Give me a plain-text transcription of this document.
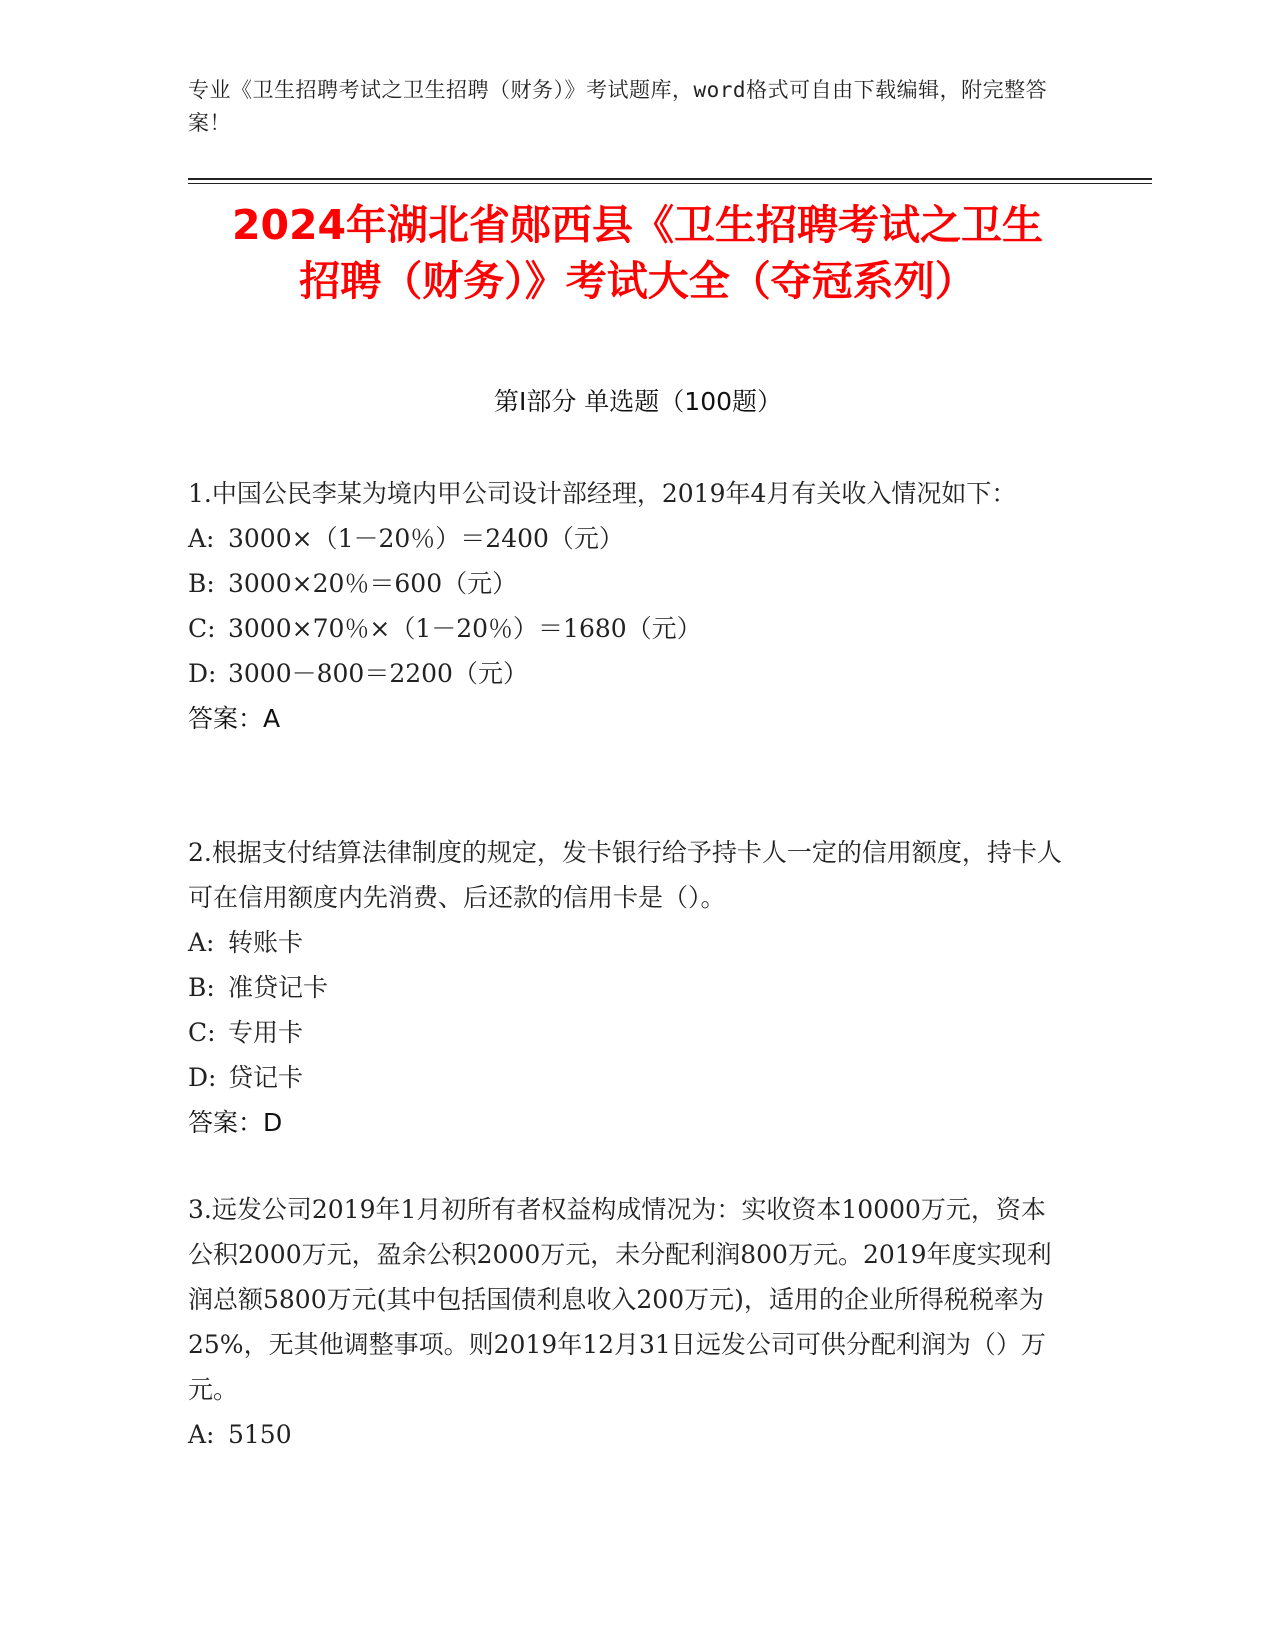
专业《卫生招聘考试之卫生招聘（财务）》考试题库，word格式可自由下载编辑，附完整答案！
2024年湖北省郧西县《卫生招聘考试之卫生
招聘（财务）》考试大全（夺冠系列）
第Ⅰ部分 单选题（100题）

1.中国公民李某为境内甲公司设计部经理，2019年4月有关收入情况如下：

A: 3000×（1－20％）＝2400（元）

B: 3000×20％＝600（元）

C: 3000×70％×（1－20％）＝1680（元）

D: 3000－800＝2200（元）

答案：A

2.根据支付结算法律制度的规定，发卡银行给予持卡人一定的信用额度，持卡人可在信用额度内先消费、后还款的信用卡是（）。

A: 转账卡

B: 准贷记卡

C: 专用卡

D: 贷记卡

答案：D

3.远发公司2019年1月初所有者权益构成情况为：实收资本10000万元，资本公积2000万元，盈余公积2000万元，未分配利润800万元。2019年度实现利润总额5800万元(其中包括国债利息收入200万元)，适用的企业所得税税率为25%，无其他调整事项。则2019年12月31日远发公司可供分配利润为（）万元。

A: 5150
